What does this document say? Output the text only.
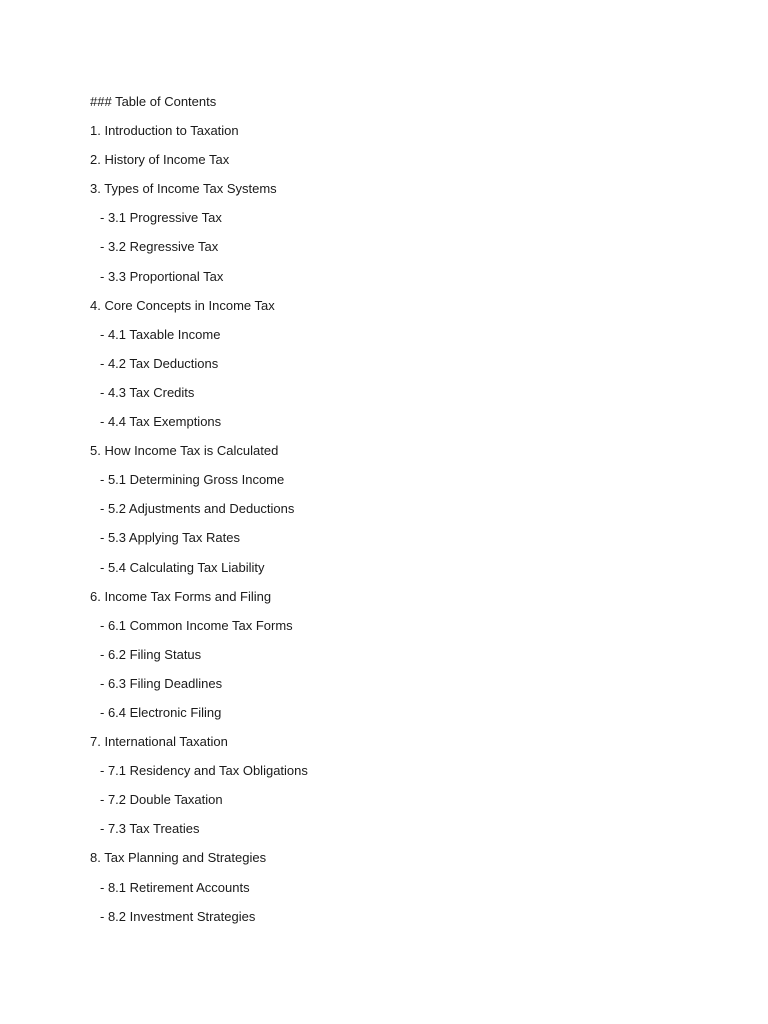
### Table of Contents
1. Introduction to Taxation
2. History of Income Tax
3. Types of Income Tax Systems
- 3.1 Progressive Tax
- 3.2 Regressive Tax
- 3.3 Proportional Tax
4. Core Concepts in Income Tax
- 4.1 Taxable Income
- 4.2 Tax Deductions
- 4.3 Tax Credits
- 4.4 Tax Exemptions
5. How Income Tax is Calculated
- 5.1 Determining Gross Income
- 5.2 Adjustments and Deductions
- 5.3 Applying Tax Rates
- 5.4 Calculating Tax Liability
6. Income Tax Forms and Filing
- 6.1 Common Income Tax Forms
- 6.2 Filing Status
- 6.3 Filing Deadlines
- 6.4 Electronic Filing
7. International Taxation
- 7.1 Residency and Tax Obligations
- 7.2 Double Taxation
- 7.3 Tax Treaties
8. Tax Planning and Strategies
- 8.1 Retirement Accounts
- 8.2 Investment Strategies
